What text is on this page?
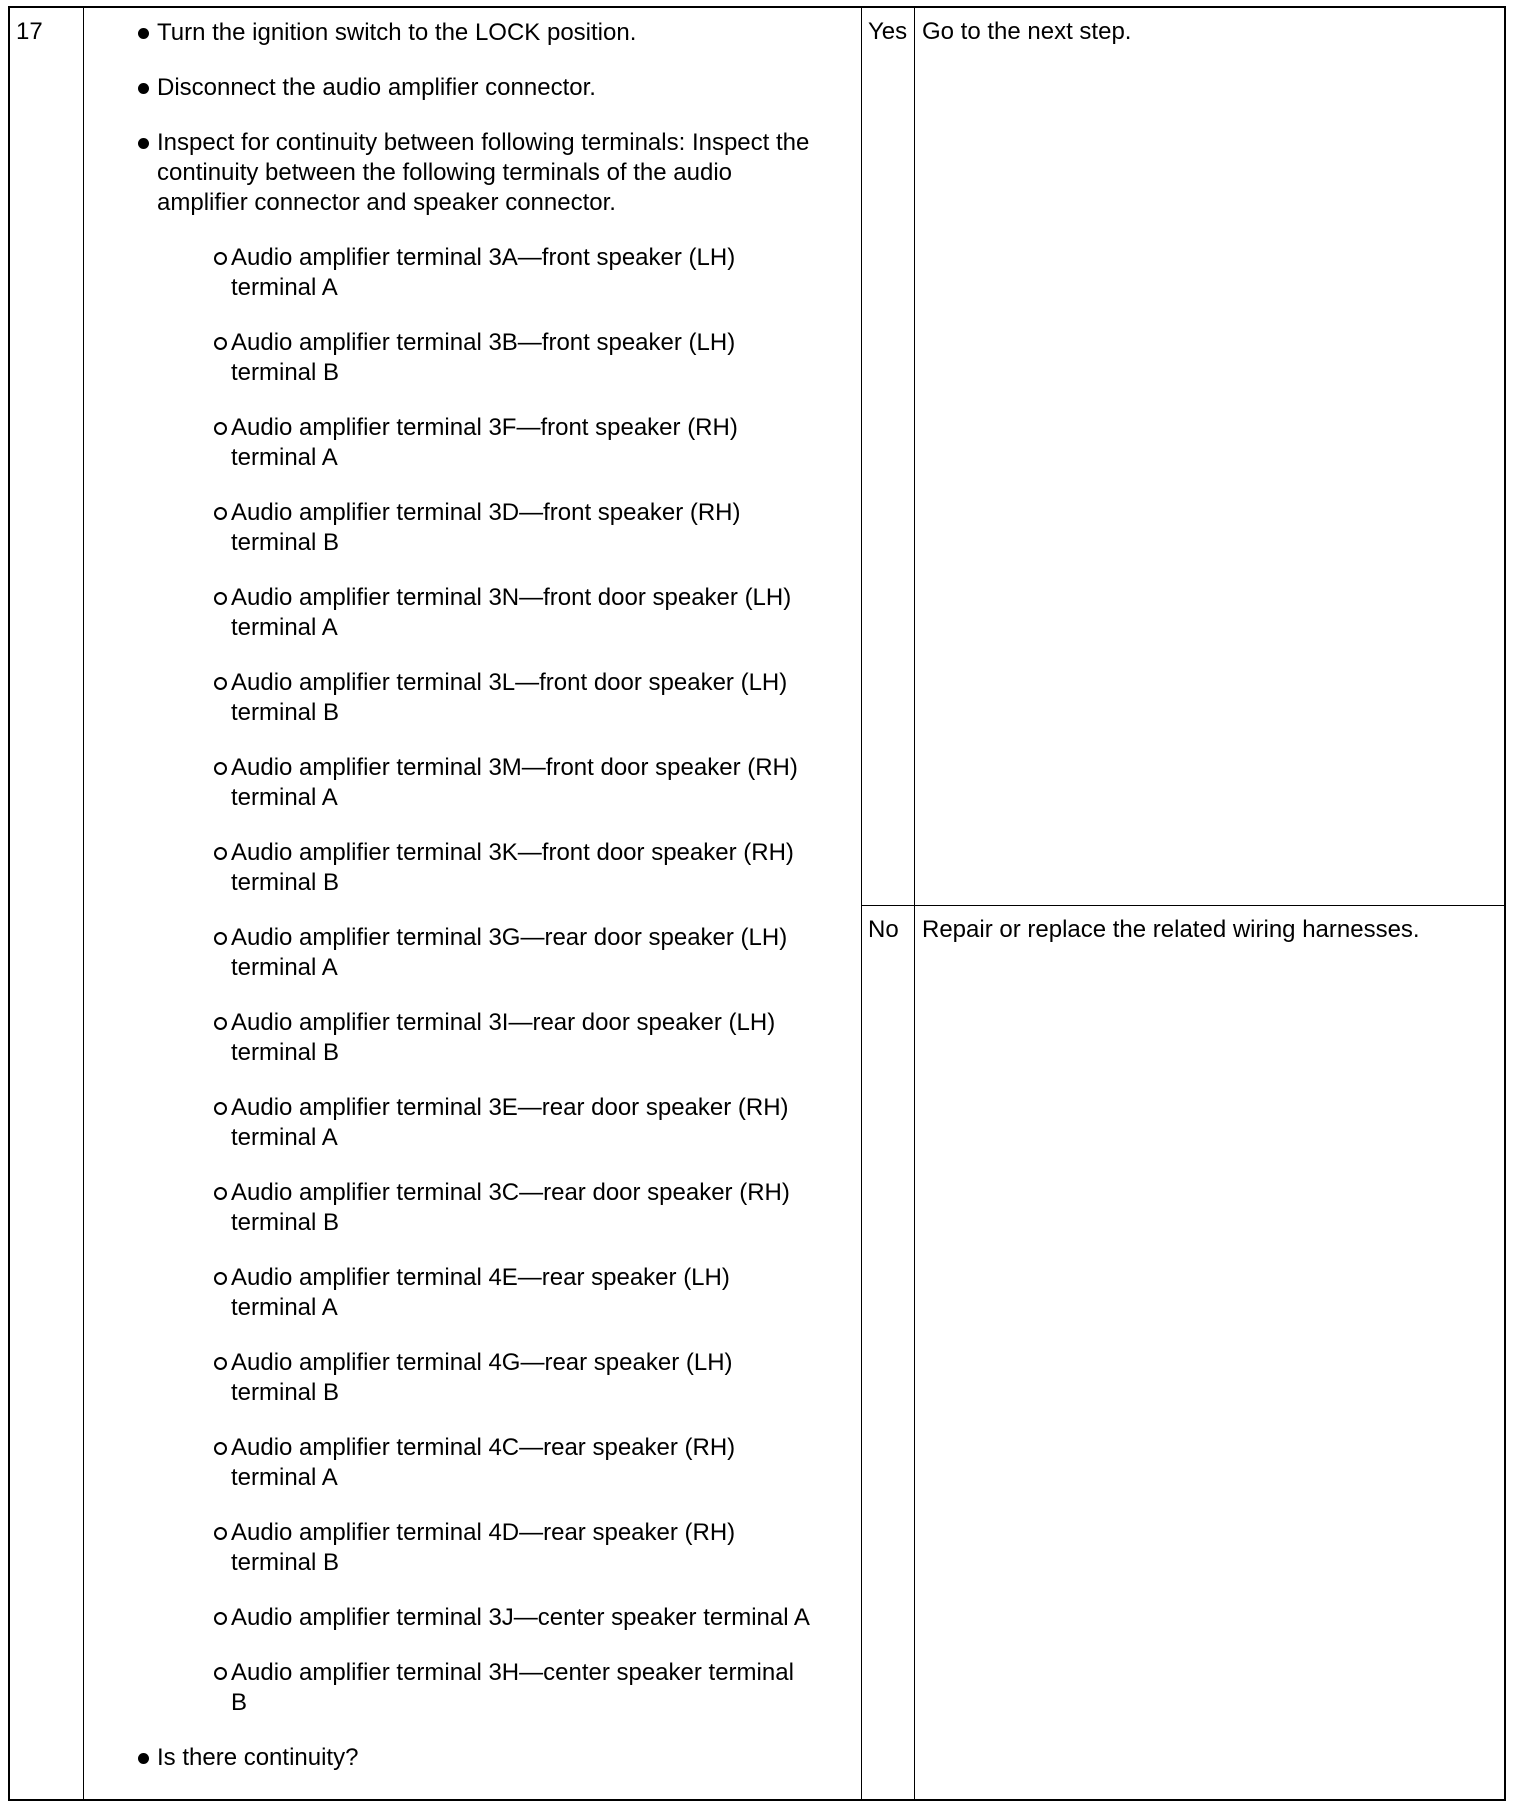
17	Turn the ignition switch to the LOCK position.
Disconnect the audio amplifier connector.
Inspect for continuity between following terminals: Inspect the continuity between the following terminals of the audio amplifier connector and speaker connector.
Audio amplifier terminal 3A—front speaker (LH) terminal A
Audio amplifier terminal 3B—front speaker (LH) terminal B
Audio amplifier terminal 3F—front speaker (RH) terminal A
Audio amplifier terminal 3D—front speaker (RH) terminal B
Audio amplifier terminal 3N—front door speaker (LH) terminal A
Audio amplifier terminal 3L—front door speaker (LH) terminal B
Audio amplifier terminal 3M—front door speaker (RH) terminal A
Audio amplifier terminal 3K—front door speaker (RH) terminal B
Audio amplifier terminal 3G—rear door speaker (LH) terminal A
Audio amplifier terminal 3I—rear door speaker (LH) terminal B
Audio amplifier terminal 3E—rear door speaker (RH) terminal A
Audio amplifier terminal 3C—rear door speaker (RH) terminal B
Audio amplifier terminal 4E—rear speaker (LH) terminal A
Audio amplifier terminal 4G—rear speaker (LH) terminal B
Audio amplifier terminal 4C—rear speaker (RH) terminal A
Audio amplifier terminal 4D—rear speaker (RH) terminal B
Audio amplifier terminal 3J—center speaker terminal A
Audio amplifier terminal 3H—center speaker terminal B
Is there continuity?
Yes Go to the next step.
No Repair or replace the related wiring harnesses.
